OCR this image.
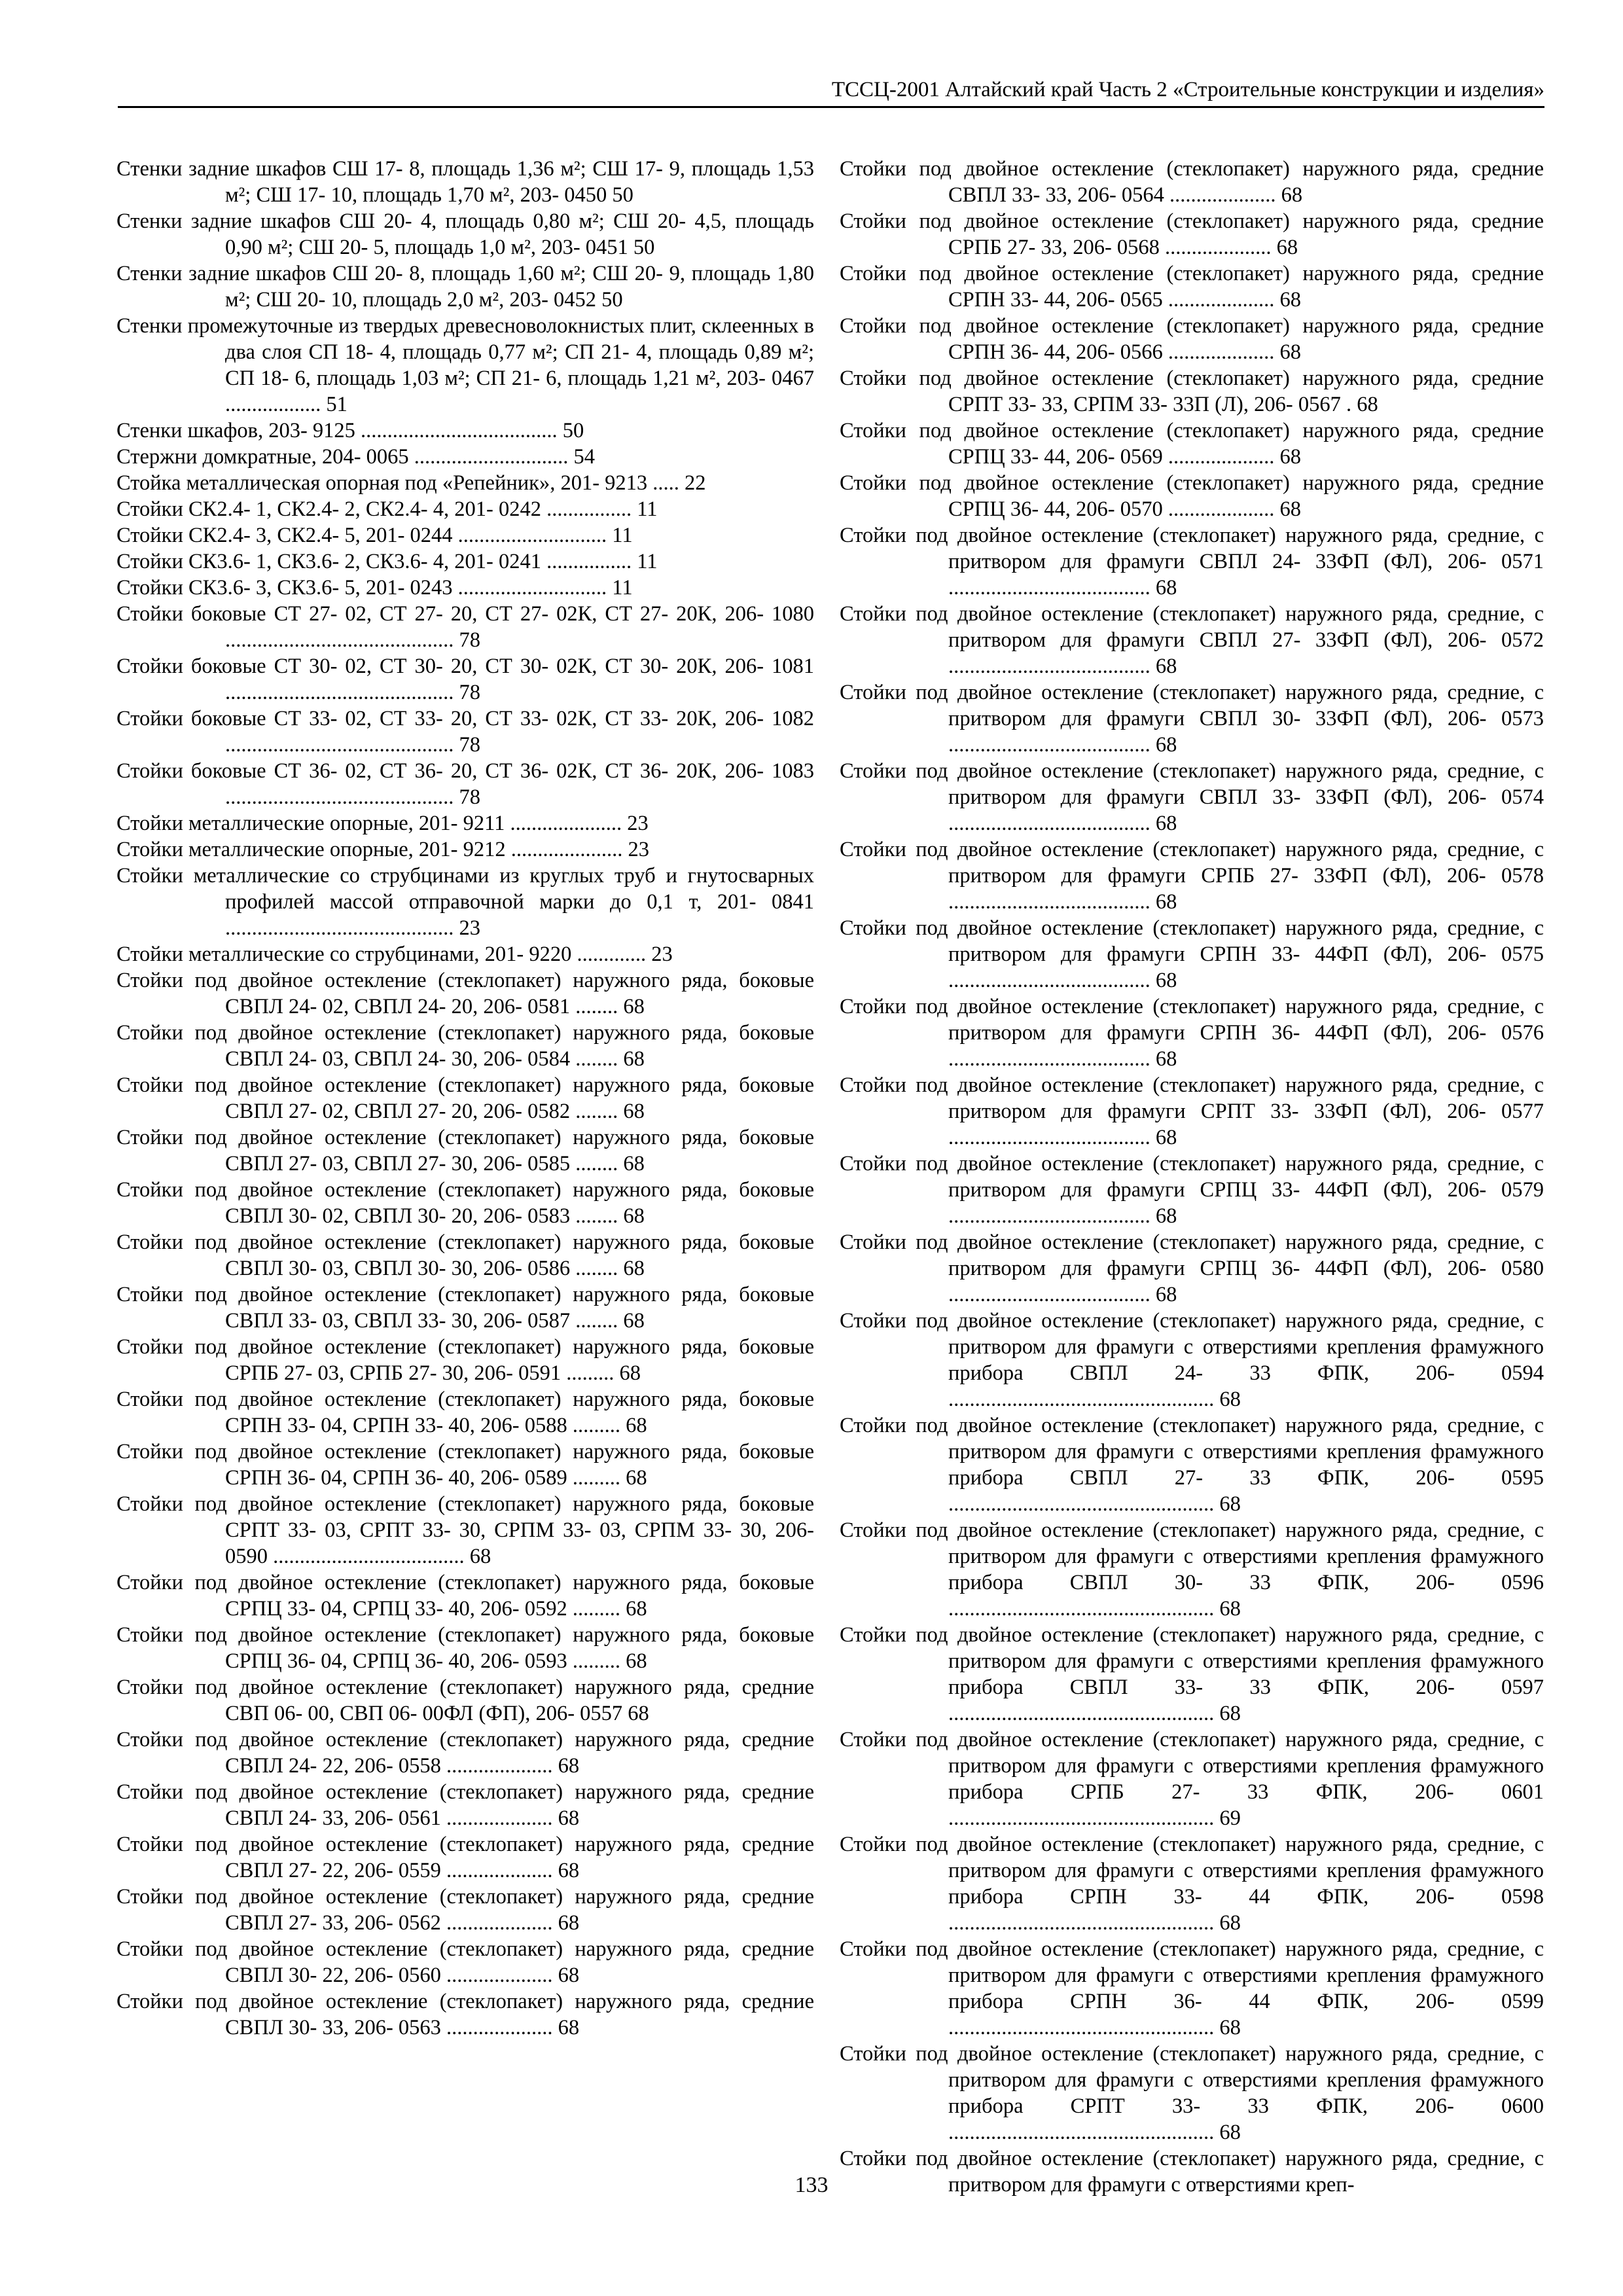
ТССЦ-2001 Алтайский край Часть 2 «Строительные конструкции и изделия»
Стенки задние шкафов СШ 17- 8, площадь 1,36 м²; СШ 17- 9, площадь 1,53 м²; СШ 17- 10, площадь 1,70 м², 203- 0450 50
Стенки задние шкафов СШ 20- 4, площадь 0,80 м²; СШ 20- 4,5, площадь 0,90 м²; СШ 20- 5, площадь 1,0 м², 203- 0451 50
Стенки задние шкафов СШ 20- 8, площадь 1,60 м²; СШ 20- 9, площадь 1,80 м²; СШ 20- 10, площадь 2,0 м², 203- 0452 50
Стенки промежуточные из твердых древесноволокнистых плит, склеенных в два слоя СП 18- 4, площадь 0,77 м²; СП 21- 4, площадь 0,89 м²; СП 18- 6, площадь 1,03 м²; СП 21- 6, площадь 1,21 м², 203- 0467 .................. 51
Стенки шкафов, 203- 9125 ..................................... 50
Стержни домкратные, 204- 0065 ............................. 54
Стойка металлическая опорная под «Репейник», 201- 9213 ..... 22
Стойки СК2.4- 1, СК2.4- 2, СК2.4- 4, 201- 0242 ................ 11
Стойки СК2.4- 3, СК2.4- 5, 201- 0244 ............................ 11
Стойки СК3.6- 1, СК3.6- 2, СК3.6- 4, 201- 0241 ................ 11
Стойки СК3.6- 3, СК3.6- 5, 201- 0243 ............................ 11
Стойки боковые СТ 27- 02, СТ 27- 20, СТ 27- 02К, СТ 27- 20К, 206- 1080 ........................................... 78
Стойки боковые СТ 30- 02, СТ 30- 20, СТ 30- 02К, СТ 30- 20К, 206- 1081 ........................................... 78
Стойки боковые СТ 33- 02, СТ 33- 20, СТ 33- 02К, СТ 33- 20К, 206- 1082 ........................................... 78
Стойки боковые СТ 36- 02, СТ 36- 20, СТ 36- 02К, СТ 36- 20К, 206- 1083 ........................................... 78
Стойки металлические опорные, 201- 9211 ..................... 23
Стойки металлические опорные, 201- 9212 ..................... 23
Стойки металлические со струбцинами из круглых труб и гнутосварных профилей массой отправочной марки до 0,1 т, 201- 0841 ........................................... 23
Стойки металлические со струбцинами, 201- 9220 ............. 23
Стойки под двойное остекление (стеклопакет) наружного ряда, боковые СВПЛ 24- 02, СВПЛ 24- 20, 206- 0581 ........ 68
Стойки под двойное остекление (стеклопакет) наружного ряда, боковые СВПЛ 24- 03, СВПЛ 24- 30, 206- 0584 ........ 68
Стойки под двойное остекление (стеклопакет) наружного ряда, боковые СВПЛ 27- 02, СВПЛ 27- 20, 206- 0582 ........ 68
Стойки под двойное остекление (стеклопакет) наружного ряда, боковые СВПЛ 27- 03, СВПЛ 27- 30, 206- 0585 ........ 68
Стойки под двойное остекление (стеклопакет) наружного ряда, боковые СВПЛ 30- 02, СВПЛ 30- 20, 206- 0583 ........ 68
Стойки под двойное остекление (стеклопакет) наружного ряда, боковые СВПЛ 30- 03, СВПЛ 30- 30, 206- 0586 ........ 68
Стойки под двойное остекление (стеклопакет) наружного ряда, боковые СВПЛ 33- 03, СВПЛ 33- 30, 206- 0587 ........ 68
Стойки под двойное остекление (стеклопакет) наружного ряда, боковые СРПБ 27- 03, СРПБ 27- 30, 206- 0591 ......... 68
Стойки под двойное остекление (стеклопакет) наружного ряда, боковые СРПН 33- 04, СРПН 33- 40, 206- 0588 ......... 68
Стойки под двойное остекление (стеклопакет) наружного ряда, боковые СРПН 36- 04, СРПН 36- 40, 206- 0589 ......... 68
Стойки под двойное остекление (стеклопакет) наружного ряда, боковые СРПТ 33- 03, СРПТ 33- 30, СРПМ 33- 03, СРПМ 33- 30, 206- 0590 .................................... 68
Стойки под двойное остекление (стеклопакет) наружного ряда, боковые СРПЦ 33- 04, СРПЦ 33- 40, 206- 0592 ......... 68
Стойки под двойное остекление (стеклопакет) наружного ряда, боковые СРПЦ 36- 04, СРПЦ 36- 40, 206- 0593 ......... 68
Стойки под двойное остекление (стеклопакет) наружного ряда, средние СВП 06- 00, СВП 06- 00ФЛ (ФП), 206- 0557 68
Стойки под двойное остекление (стеклопакет) наружного ряда, средние СВПЛ 24- 22, 206- 0558 .................... 68
Стойки под двойное остекление (стеклопакет) наружного ряда, средние СВПЛ 24- 33, 206- 0561 .................... 68
Стойки под двойное остекление (стеклопакет) наружного ряда, средние СВПЛ 27- 22, 206- 0559 .................... 68
Стойки под двойное остекление (стеклопакет) наружного ряда, средние СВПЛ 27- 33, 206- 0562 .................... 68
Стойки под двойное остекление (стеклопакет) наружного ряда, средние СВПЛ 30- 22, 206- 0560 .................... 68
Стойки под двойное остекление (стеклопакет) наружного ряда, средние СВПЛ 30- 33, 206- 0563 .................... 68
Стойки под двойное остекление (стеклопакет) наружного ряда, средние СВПЛ 33- 33, 206- 0564 .................... 68
Стойки под двойное остекление (стеклопакет) наружного ряда, средние СРПБ 27- 33, 206- 0568 .................... 68
Стойки под двойное остекление (стеклопакет) наружного ряда, средние СРПН 33- 44, 206- 0565 .................... 68
Стойки под двойное остекление (стеклопакет) наружного ряда, средние СРПН 36- 44, 206- 0566 .................... 68
Стойки под двойное остекление (стеклопакет) наружного ряда, средние СРПТ 33- 33, СРПМ 33- 33П (Л), 206- 0567 . 68
Стойки под двойное остекление (стеклопакет) наружного ряда, средние СРПЦ 33- 44, 206- 0569 .................... 68
Стойки под двойное остекление (стеклопакет) наружного ряда, средние СРПЦ 36- 44, 206- 0570 .................... 68
Стойки под двойное остекление (стеклопакет) наружного ряда, средние, с притвором для фрамуги СВПЛ 24- 33ФП (ФЛ), 206- 0571 ...................................... 68
Стойки под двойное остекление (стеклопакет) наружного ряда, средние, с притвором для фрамуги СВПЛ 27- 33ФП (ФЛ), 206- 0572 ...................................... 68
Стойки под двойное остекление (стеклопакет) наружного ряда, средние, с притвором для фрамуги СВПЛ 30- 33ФП (ФЛ), 206- 0573 ...................................... 68
Стойки под двойное остекление (стеклопакет) наружного ряда, средние, с притвором для фрамуги СВПЛ 33- 33ФП (ФЛ), 206- 0574 ...................................... 68
Стойки под двойное остекление (стеклопакет) наружного ряда, средние, с притвором для фрамуги СРПБ 27- 33ФП (ФЛ), 206- 0578 ...................................... 68
Стойки под двойное остекление (стеклопакет) наружного ряда, средние, с притвором для фрамуги СРПН 33- 44ФП (ФЛ), 206- 0575 ...................................... 68
Стойки под двойное остекление (стеклопакет) наружного ряда, средние, с притвором для фрамуги СРПН 36- 44ФП (ФЛ), 206- 0576 ...................................... 68
Стойки под двойное остекление (стеклопакет) наружного ряда, средние, с притвором для фрамуги СРПТ 33- 33ФП (ФЛ), 206- 0577 ...................................... 68
Стойки под двойное остекление (стеклопакет) наружного ряда, средние, с притвором для фрамуги СРПЦ 33- 44ФП (ФЛ), 206- 0579 ...................................... 68
Стойки под двойное остекление (стеклопакет) наружного ряда, средние, с притвором для фрамуги СРПЦ 36- 44ФП (ФЛ), 206- 0580 ...................................... 68
Стойки под двойное остекление (стеклопакет) наружного ряда, средние, с притвором для фрамуги с отверстиями крепления фрамужного прибора СВПЛ 24- 33 ФПК, 206- 0594 .................................................. 68
Стойки под двойное остекление (стеклопакет) наружного ряда, средние, с притвором для фрамуги с отверстиями крепления фрамужного прибора СВПЛ 27- 33 ФПК, 206- 0595 .................................................. 68
Стойки под двойное остекление (стеклопакет) наружного ряда, средние, с притвором для фрамуги с отверстиями крепления фрамужного прибора СВПЛ 30- 33 ФПК, 206- 0596 .................................................. 68
Стойки под двойное остекление (стеклопакет) наружного ряда, средние, с притвором для фрамуги с отверстиями крепления фрамужного прибора СВПЛ 33- 33 ФПК, 206- 0597 .................................................. 68
Стойки под двойное остекление (стеклопакет) наружного ряда, средние, с притвором для фрамуги с отверстиями крепления фрамужного прибора СРПБ 27- 33 ФПК, 206- 0601 .................................................. 69
Стойки под двойное остекление (стеклопакет) наружного ряда, средние, с притвором для фрамуги с отверстиями крепления фрамужного прибора СРПН 33- 44 ФПК, 206- 0598 .................................................. 68
Стойки под двойное остекление (стеклопакет) наружного ряда, средние, с притвором для фрамуги с отверстиями крепления фрамужного прибора СРПН 36- 44 ФПК, 206- 0599 .................................................. 68
Стойки под двойное остекление (стеклопакет) наружного ряда, средние, с притвором для фрамуги с отверстиями крепления фрамужного прибора СРПТ 33- 33 ФПК, 206- 0600 .................................................. 68
Стойки под двойное остекление (стеклопакет) наружного ряда, средние, с притвором для фрамуги с отверстиями креп-
133
